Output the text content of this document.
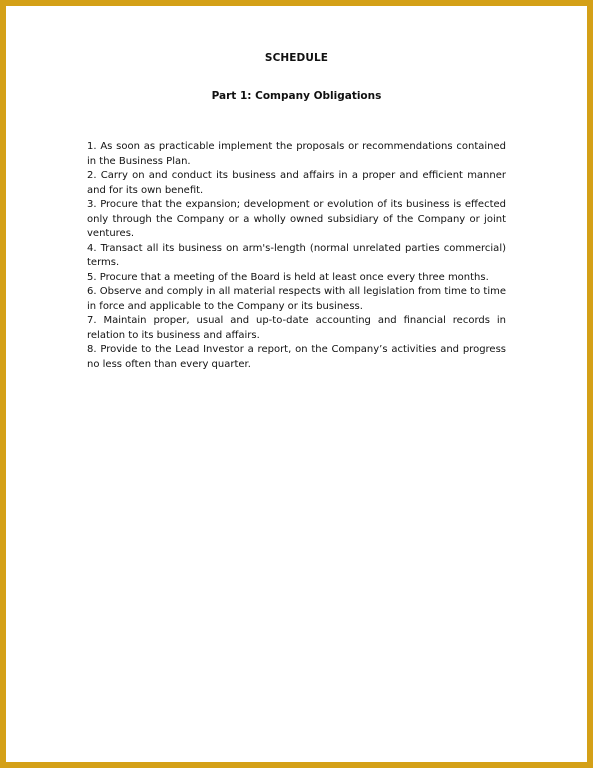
SCHEDULE
Part 1: Company Obligations
1. As soon as practicable implement the proposals or recommendations contained in the Business Plan.
2. Carry on and conduct its business and affairs in a proper and efficient manner and for its own benefit.
3. Procure that the expansion; development or evolution of its business is effected only through the Company or a wholly owned subsidiary of the Company or joint ventures.
4. Transact all its business on arm's-length (normal unrelated parties commercial) terms.
5. Procure that a meeting of the Board is held at least once every three months.
6. Observe and comply in all material respects with all legislation from time to time in force and applicable to the Company or its business.
7. Maintain proper, usual and up-to-date accounting and financial records in relation to its business and affairs.
8. Provide to the Lead Investor a report, on the Company’s activities and progress no less often than every quarter.
